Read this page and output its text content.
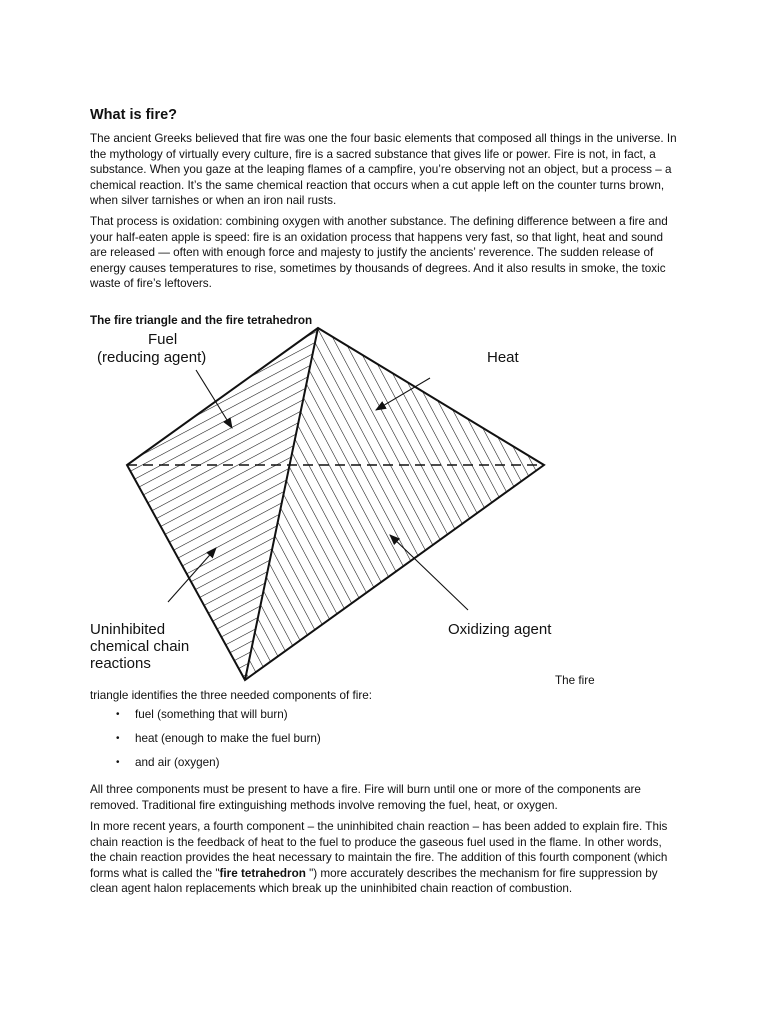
What is fire?

The ancient Greeks believed that fire was one the four basic elements that composed all things in the universe. In the mythology of virtually every culture, fire is a sacred substance that gives life or power. Fire is not, in fact, a substance. When you gaze at the leaping flames of a campfire, you’re observing not an object, but a process – a chemical reaction. It’s the same chemical reaction that occurs when a cut apple left on the counter turns brown, when silver tarnishes or when an iron nail rusts.

That process is oxidation: combining oxygen with another substance. The defining difference between a fire and your half-eaten apple is speed: fire is an oxidation process that happens very fast, so that light, heat and sound are released — often with enough force and majesty to justify the ancients’ reverence. The sudden release of energy causes temperatures to rise, sometimes by thousands of degrees. And it also results in smoke, the toxic waste of fire’s leftovers.

The fire triangle and the fire tetrahedron
Fuel
(reducing agent)	Heat
Uninhibited
chemical chain
reactions
Oxidizing agent

The fire

triangle identifies the three needed components of fire:

• fuel (something that will burn)
• heat (enough to make the fuel burn)
• and air (oxygen)

All three components must be present to have a fire. Fire will burn until one or more of the components are removed. Traditional fire extinguishing methods involve removing the fuel, heat, or oxygen.

In more recent years, a fourth component – the uninhibited chain reaction – has been added to explain fire. This chain reaction is the feedback of heat to the fuel to produce the gaseous fuel used in the flame. In other words, the chain reaction provides the heat necessary to maintain the fire. The addition of this fourth component (which forms what is called the "fire tetrahedron ") more accurately describes the mechanism for fire suppression by clean agent halon replacements which break up the uninhibited chain reaction of combustion.
